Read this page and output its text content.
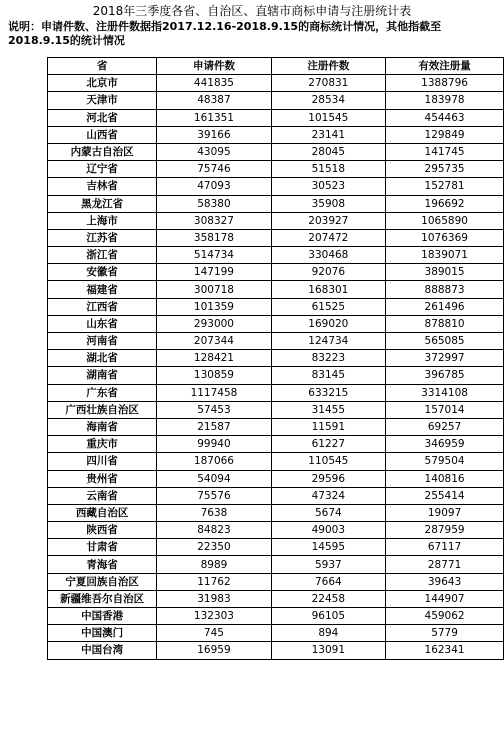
2018年三季度各省、自治区、直辖市商标申请与注册统计表
说明：申请件数、注册件数据指2017.12.16-2018.9.15的商标统计情况，其他指截至
2018.9.15的统计情况
省	申请件数	注册件数	有效注册量
北京市	441835	270831	1388796
天津市	48387	28534	183978
河北省	161351	101545	454463
山西省	39166	23141	129849
内蒙古自治区	43095	28045	141745
辽宁省	75746	51518	295735
吉林省	47093	30523	152781
黑龙江省	58380	35908	196692
上海市	308327	203927	1065890
江苏省	358178	207472	1076369
浙江省	514734	330468	1839071
安徽省	147199	92076	389015
福建省	300718	168301	888873
江西省	101359	61525	261496
山东省	293000	169020	878810
河南省	207344	124734	565085
湖北省	128421	83223	372997
湖南省	130859	83145	396785
广东省	1117458	633215	3314108
广西壮族自治区	57453	31455	157014
海南省	21587	11591	69257
重庆市	99940	61227	346959
四川省	187066	110545	579504
贵州省	54094	29596	140816
云南省	75576	47324	255414
西藏自治区	7638	5674	19097
陕西省	84823	49003	287959
甘肃省	22350	14595	67117
青海省	8989	5937	28771
宁夏回族自治区	11762	7664	39643
新疆维吾尔自治区	31983	22458	144907
中国香港	132303	96105	459062
中国澳门	745	894	5779
中国台湾	16959	13091	162341
